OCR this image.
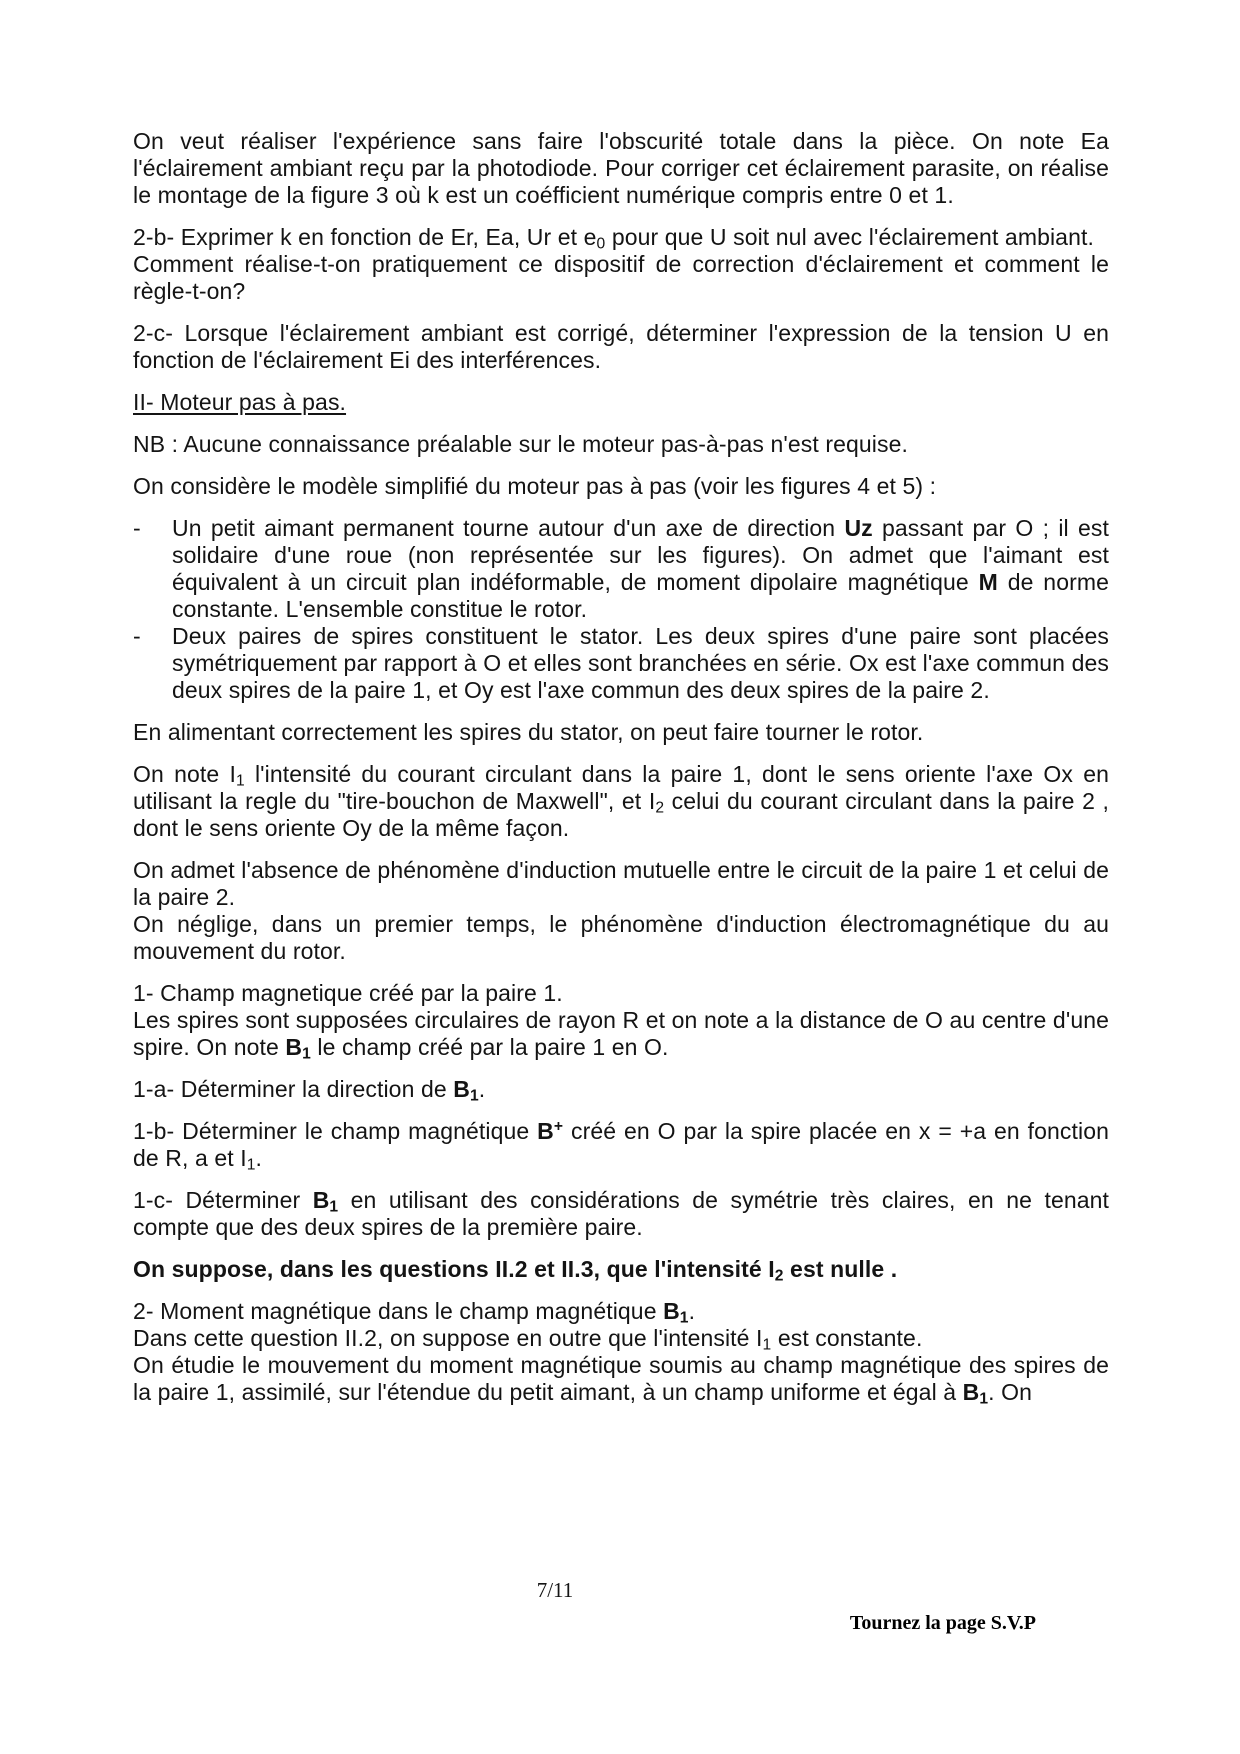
On veut réaliser l'expérience sans faire l'obscurité totale dans la pièce. On note Ea l'éclairement ambiant reçu par la photodiode. Pour corriger cet éclairement parasite, on réalise le montage de la figure 3 où k est un coéfficient numérique compris entre 0 et 1.

2-b- Exprimer k en fonction de Er, Ea, Ur et $e_0$ pour que U soit nul avec l'éclairement ambiant.
Comment réalise-t-on pratiquement ce dispositif de correction d'éclairement et comment le règle-t-on?

2-c- Lorsque l'éclairement ambiant est corrigé, déterminer l'expression de la tension U en fonction de l'éclairement Ei des interférences.

II- Moteur pas à pas.

NB : Aucune connaissance préalable sur le moteur pas-à-pas n'est requise.

On considère le modèle simplifié du moteur pas à pas (voir les figures 4 et 5) :

-	Un petit aimant permanent tourne autour d'un axe de direction Uz passant par O ; il est solidaire d'une roue (non représentée sur les figures). On admet que l'aimant est équivalent à un circuit plan indéformable, de moment dipolaire magnétique M de norme constante. L'ensemble constitue le rotor.
-	Deux paires de spires constituent le stator. Les deux spires d'une paire sont placées symétriquement par rapport à O et elles sont branchées en série. Ox est l'axe commun des deux spires de la paire 1, et Oy est l'axe commun des deux spires de la paire 2.

En alimentant correctement les spires du stator, on peut faire tourner le rotor.

On note $I_1$ l'intensité du courant circulant dans la paire 1, dont le sens oriente l'axe Ox en utilisant la regle du "tire-bouchon de Maxwell", et $I_2$ celui du courant circulant dans la paire 2 , dont le sens oriente Oy de la même façon.

On admet l'absence de phénomène d'induction mutuelle entre le circuit de la paire 1 et celui de la paire 2.
On néglige, dans un premier temps, le phénomène d'induction électromagnétique du au mouvement du rotor.

1- Champ magnetique créé par la paire 1.
Les spires sont supposées circulaires de rayon R et on note a la distance de O au centre d'une spire. On note $B_1$ le champ créé par la paire 1 en O.

1-a- Déterminer la direction de $B_1$.

1-b- Déterminer le champ magnétique B+ créé en O par la spire placée en x = +a en fonction de R, a et $I_1$.

1-c- Déterminer $B_1$ en utilisant des considérations de symétrie très claires, en ne tenant compte que des deux spires de la première paire.

On suppose, dans les questions II.2 et II.3, que l'intensité $I_2$ est nulle .

2- Moment magnétique dans le champ magnétique $B_1$.
Dans cette question II.2, on suppose en outre que l'intensité $I_1$ est constante.
On étudie le mouvement du moment magnétique soumis au champ magnétique des spires de la paire 1, assimilé, sur l'étendue du petit aimant, à un champ uniforme et égal à $B_1$. On

7/11
Tournez la page S.V.P
